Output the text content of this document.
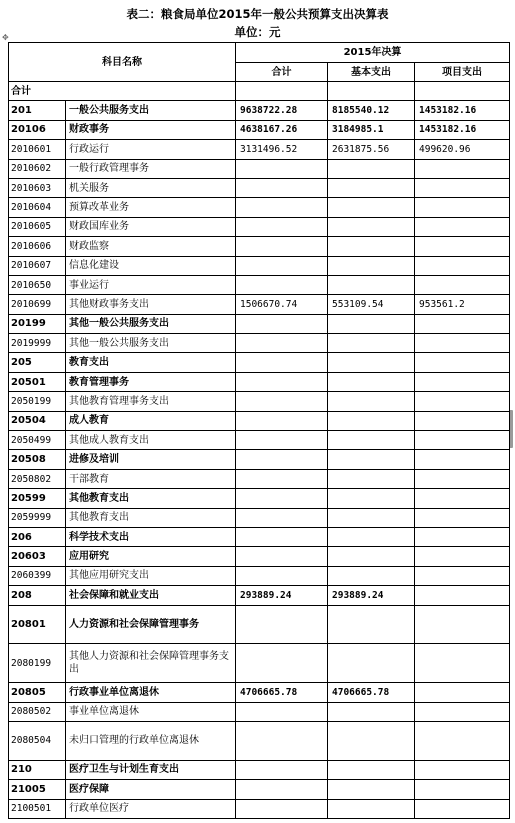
表二：粮食局单位2015年一般公共预算支出决算表
单位：元
✥
科目名称		2015年决算		
		合计	基本支出	项目支出
合计				
201	一般公共服务支出	9638722.28	8185540.12	1453182.16
20106	财政事务	4638167.26	3184985.1	1453182.16
2010601	行政运行	3131496.52	2631875.56	499620.96
2010602	一般行政管理事务			
2010603	机关服务			
2010604	预算改革业务			
2010605	财政国库业务			
2010606	财政监察			
2010607	信息化建设			
2010650	事业运行			
2010699	其他财政事务支出	1506670.74	553109.54	953561.2
20199	其他一般公共服务支出			
2019999	其他一般公共服务支出			
205	教育支出			
20501	教育管理事务			
2050199	其他教育管理事务支出			
20504	成人教育			
2050499	其他成人教育支出			
20508	进修及培训			
2050802	干部教育			
20599	其他教育支出			
2059999	其他教育支出			
206	科学技术支出			
20603	应用研究			
2060399	其他应用研究支出			
208	社会保障和就业支出	293889.24	293889.24	
20801	人力资源和社会保障管理事务			
2080199	其他人力资源和社会保障管理事务支出			
20805	行政事业单位离退休	4706665.78	4706665.78	
2080502	事业单位离退休			
2080504	未归口管理的行政单位离退休			
210	医疗卫生与计划生育支出			
21005	医疗保障			
2100501	行政单位医疗			
